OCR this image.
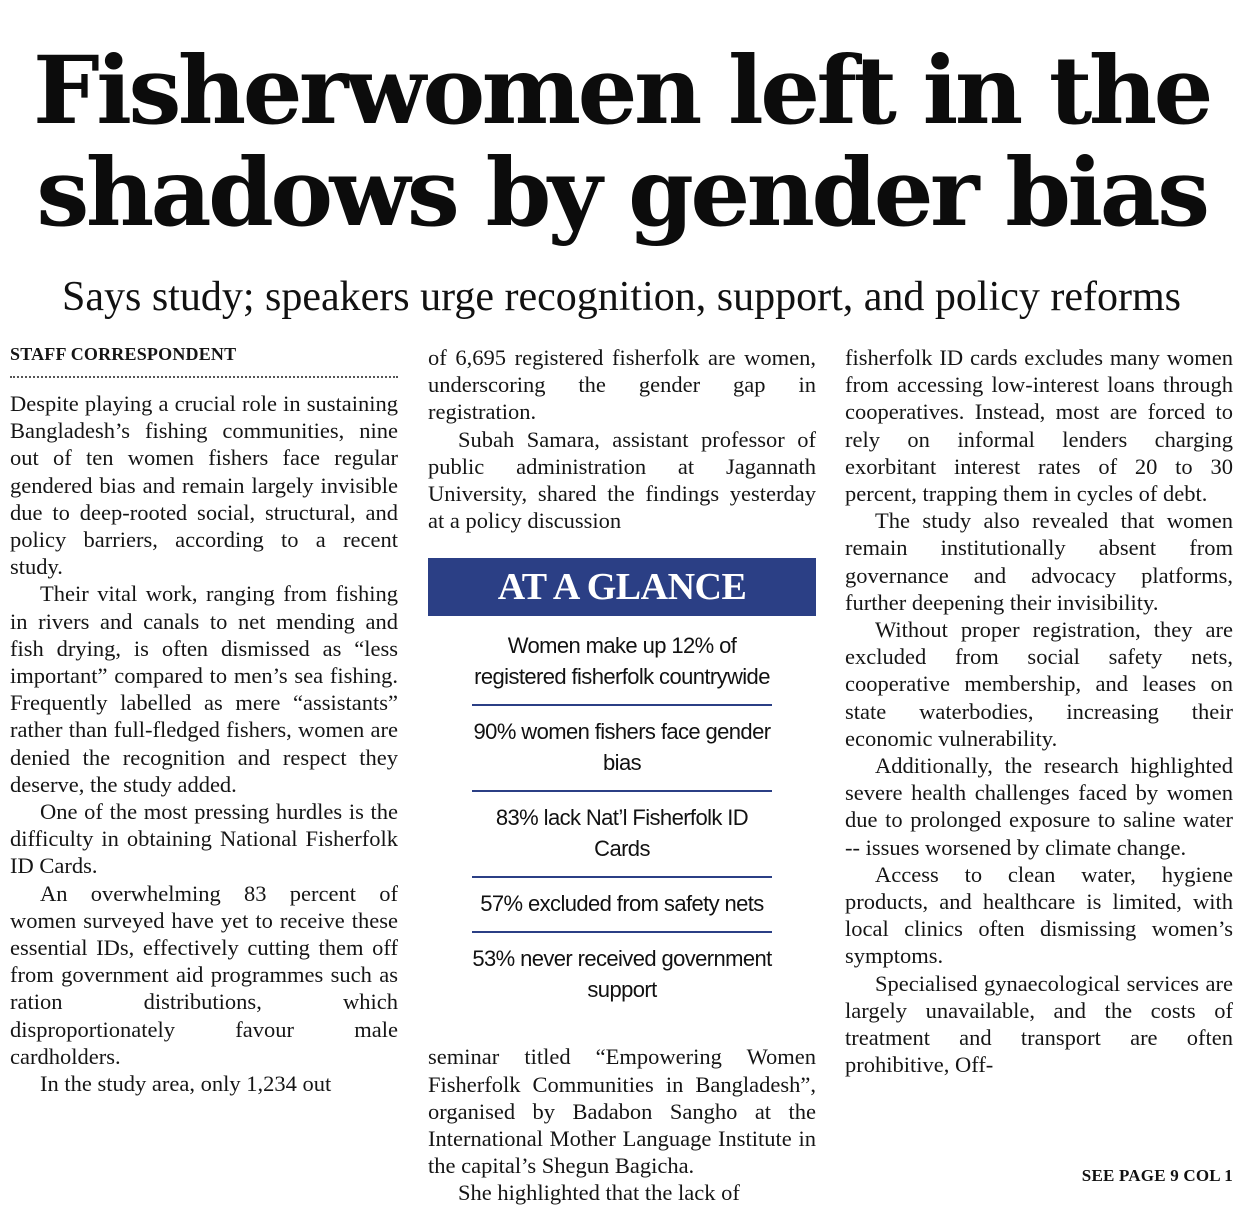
Fisherwomen left in the
shadows by gender bias
Says study; speakers urge recognition, support, and policy reforms
STAFF CORRESPONDENT

Despite playing a crucial role in sustaining Bangladesh’s fishing communities, nine out of ten women fishers face regular gendered bias and remain largely invisible due to deep-rooted social, structural, and policy barriers, according to a recent study.

Their vital work, ranging from fishing in rivers and canals to net mending and fish drying, is often dismissed as “less important” compared to men’s sea fishing. Frequently labelled as mere “assistants” rather than full-fledged fishers, women are denied the recognition and respect they deserve, the study added.

One of the most pressing hurdles is the difficulty in obtaining National Fisherfolk ID Cards.

An overwhelming 83 percent of women surveyed have yet to receive these essential IDs, effectively cutting them off from government aid programmes such as ration distributions, which disproportionately favour male cardholders.

In the study area, only 1,234 out

of 6,695 registered fisherfolk are women, underscoring the gender gap in registration.

Subah Samara, assistant professor of public administration at Jagannath University, shared the findings yesterday at a policy discussion

AT A GLANCE
Women make up 12% of registered fisherfolk countrywide
90% women fishers face gender bias
83% lack Nat’l Fisherfolk ID Cards
57% excluded from safety nets
53% never received government support

seminar titled “Empowering Women Fisherfolk Communities in Bangladesh”, organised by Badabon Sangho at the International Mother Language Institute in the capital’s Shegun Bagicha.

She highlighted that the lack of

fisherfolk ID cards excludes many women from accessing low-interest loans through cooperatives. Instead, most are forced to rely on informal lenders charging exorbitant interest rates of 20 to 30 percent, trapping them in cycles of debt.

The study also revealed that women remain institutionally absent from governance and advocacy platforms, further deepening their invisibility.

Without proper registration, they are excluded from social safety nets, cooperative membership, and leases on state waterbodies, increasing their economic vulnerability.

Additionally, the research highlighted severe health challenges faced by women due to prolonged exposure to saline water -- issues worsened by climate change.

Access to clean water, hygiene products, and healthcare is limited, with local clinics often dismissing women’s symptoms.

Specialised gynaecological services are largely unavailable, and the costs of treatment and transport are often prohibitive, Off-

SEE PAGE 9 COL 1
